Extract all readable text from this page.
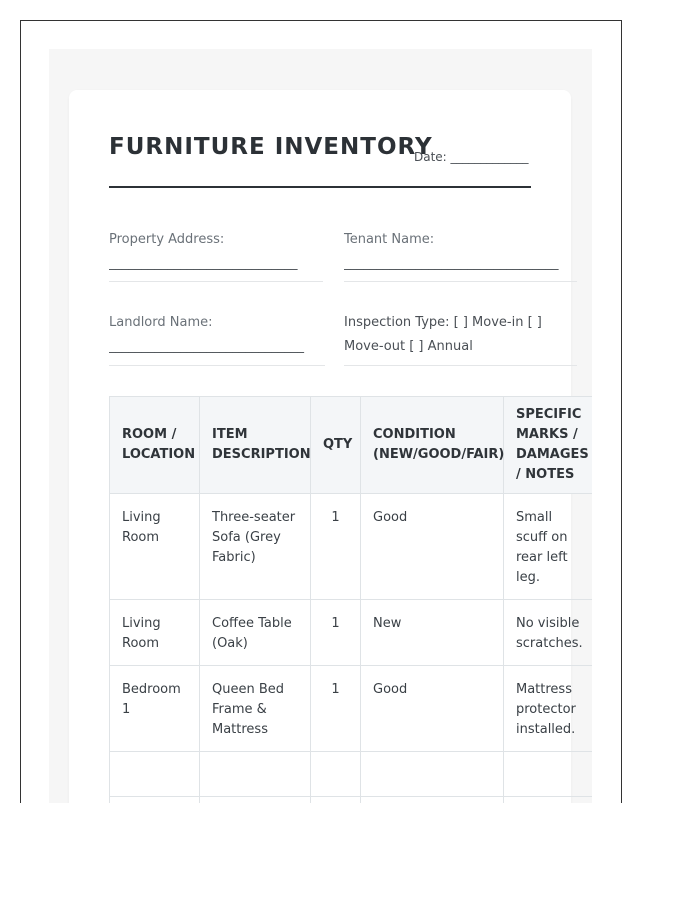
FURNITURE INVENTORY
Date: _____________
Property Address:
_____________________________
Tenant Name:
_________________________________
Landlord Name:
______________________________
Inspection Type: [ ] Move-in [ ]
Move-out [ ] Annual
ROOM / LOCATION	ITEM DESCRIPTION	QTY	CONDITION (NEW/GOOD/FAIR)	SPECIFIC MARKS / DAMAGES / NOTES
Living Room	Three-seater Sofa (Grey Fabric)	1	Good	Small scuff on rear left leg.
Living Room	Coffee Table (Oak)	1	New	No visible scratches.
Bedroom 1	Queen Bed Frame & Mattress	1	Good	Mattress protector installed.
